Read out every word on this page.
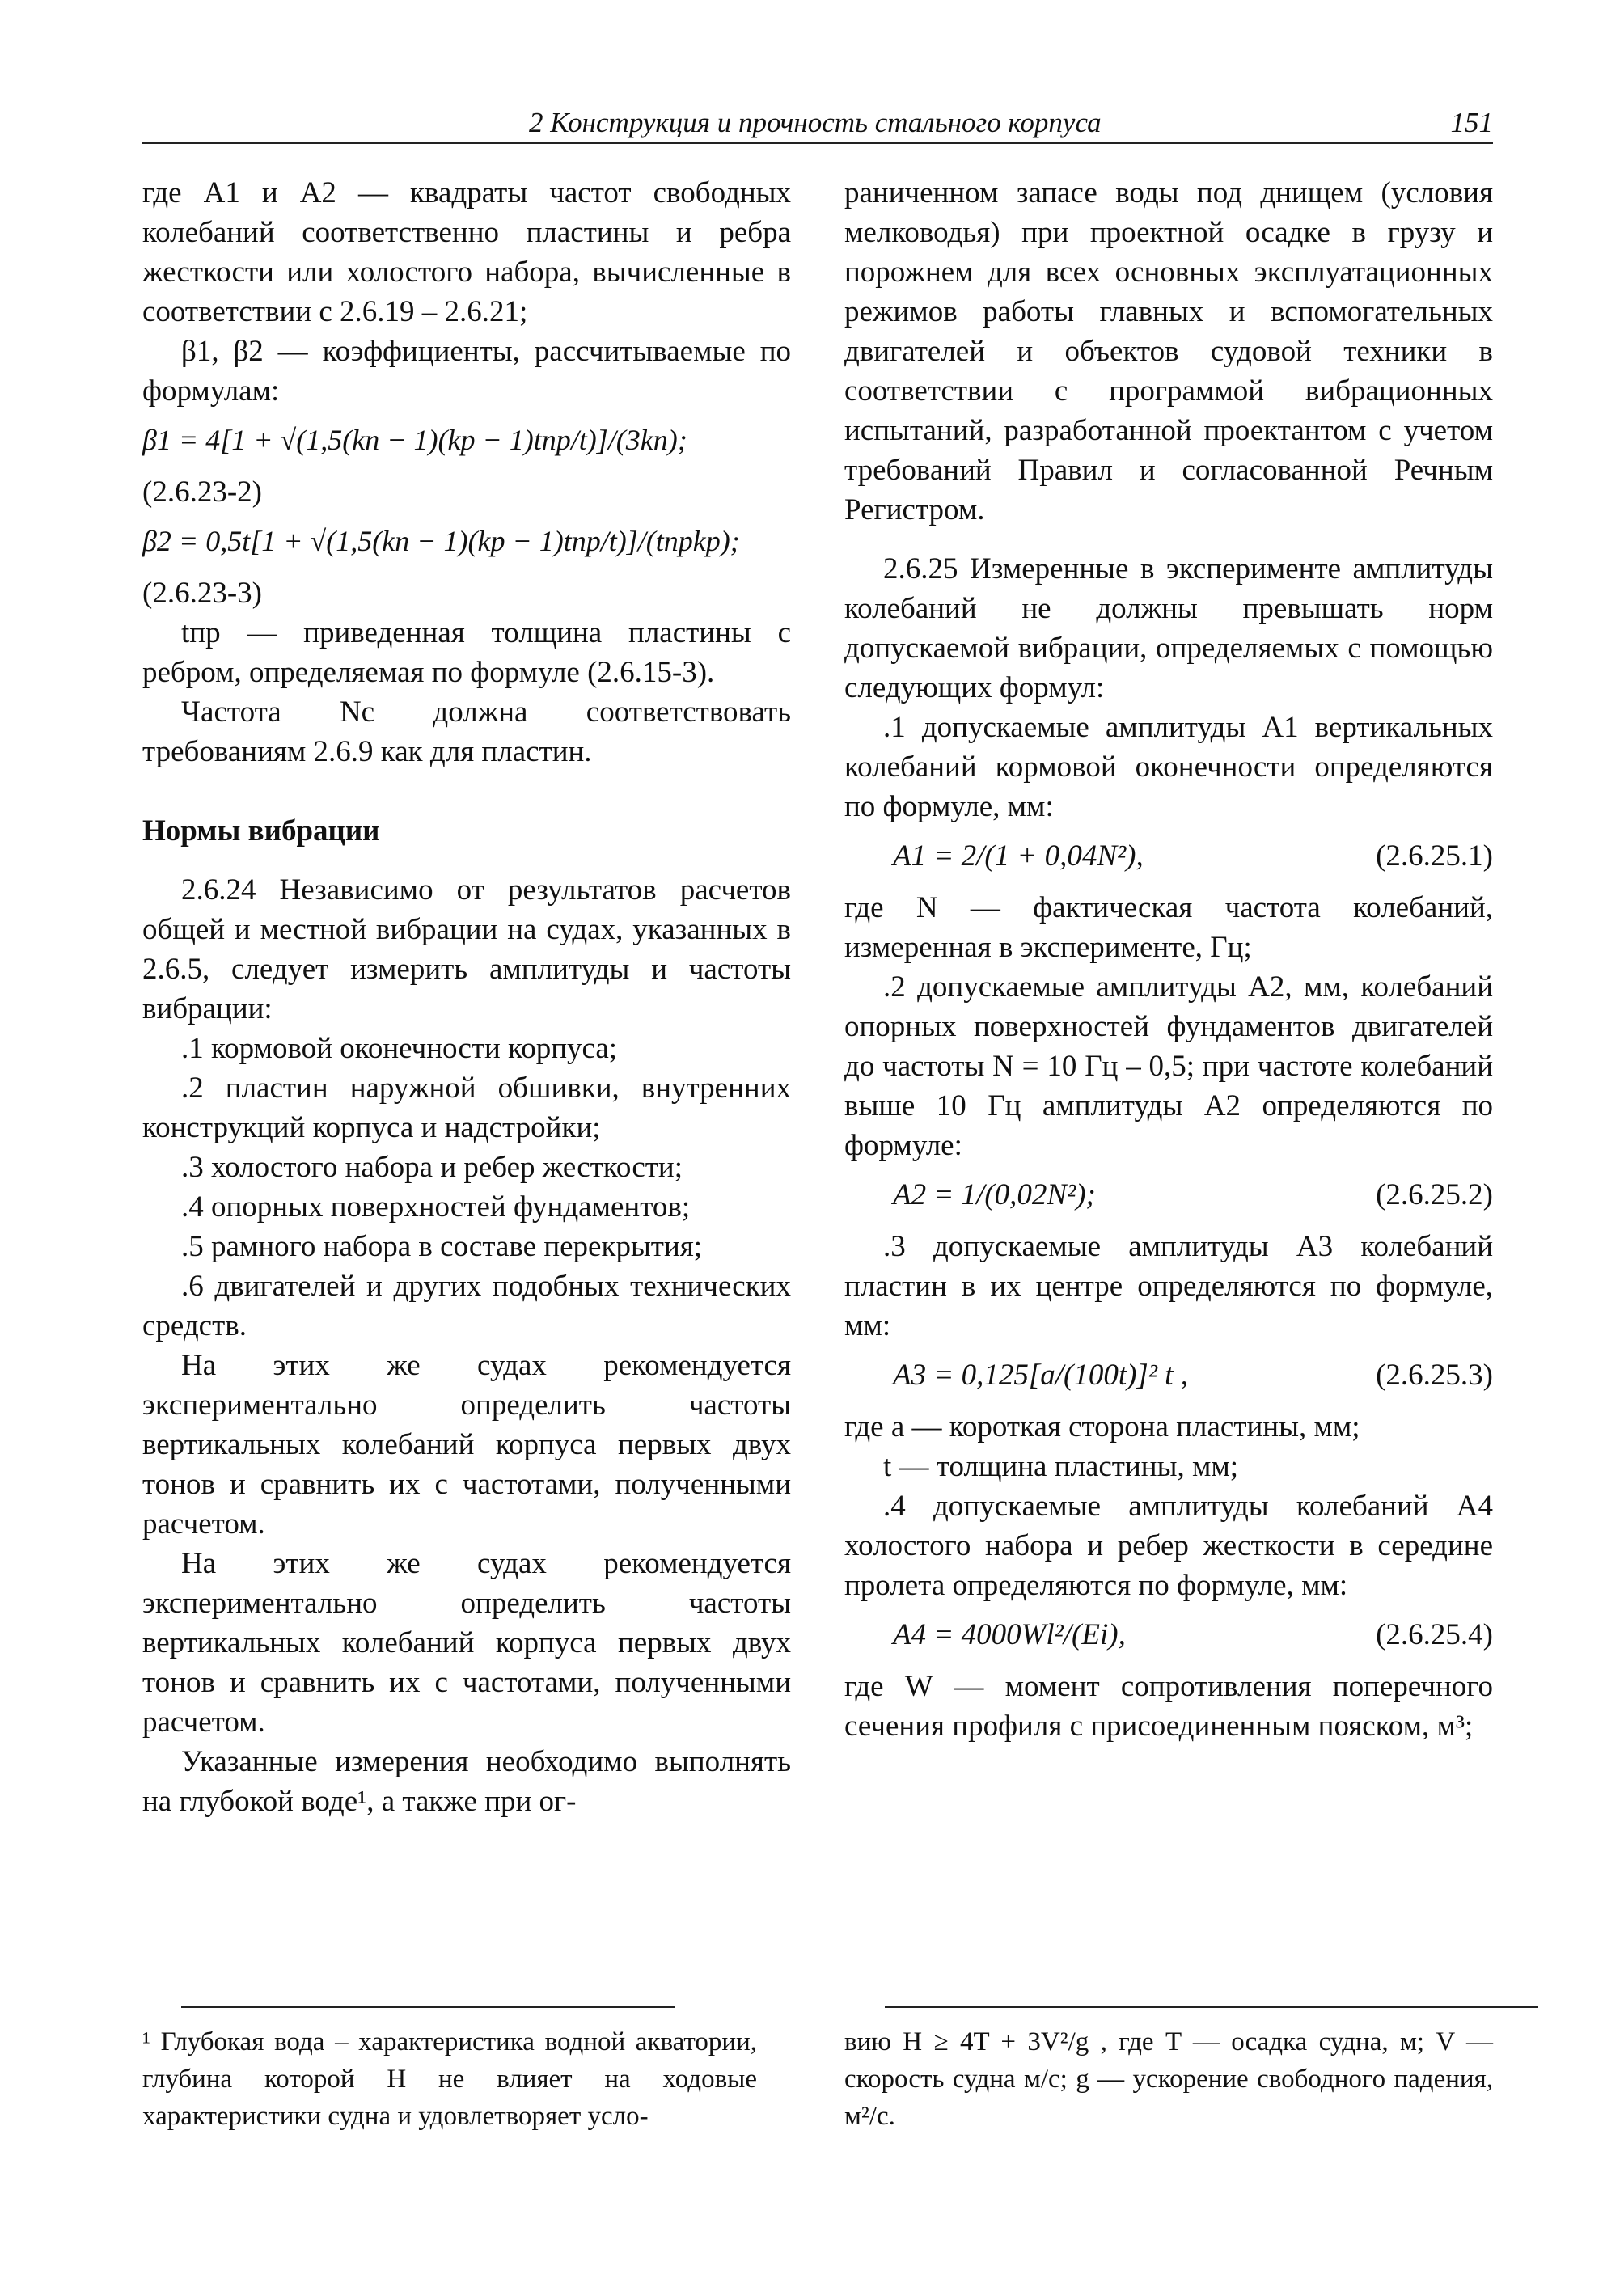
2 Конструкция и прочность стального корпуса	151

где A1 и A2 — квадраты частот свободных колебаний соответственно пластины и ребра жесткости или холостого набора, вычисленные в соответствии с 2.6.19 – 2.6.21;

β1, β2 — коэффициенты, рассчитываемые по формулам:

β1 = 4[1 + √(1,5(kп − 1)(kр − 1)tпр/t)]/(3kп);

(2.6.23-2)

β2 = 0,5t[1 + √(1,5(kп − 1)(kр − 1)tпр/t)]/(tпрkр);

(2.6.23-3)

tпр — приведенная толщина пластины с ребром, определяемая по формуле (2.6.15-3).

Частота Nс должна соответствовать требованиям 2.6.9 как для пластин.

Нормы вибрации

2.6.24 Независимо от результатов расчетов общей и местной вибрации на судах, указанных в 2.6.5, следует измерить амплитуды и частоты вибрации:

.1 кормовой оконечности корпуса;

.2 пластин наружной обшивки, внутренних конструкций корпуса и надстройки;

.3 холостого набора и ребер жесткости;

.4 опорных поверхностей фундаментов;

.5 рамного набора в составе перекрытия;

.6 двигателей и других подобных технических средств.

На этих же судах рекомендуется экспериментально определить частоты вертикальных колебаний корпуса первых двух тонов и сравнить их с частотами, полученными расчетом.

На этих же судах рекомендуется экспериментально определить частоты вертикальных колебаний корпуса первых двух тонов и сравнить их с частотами, полученными расчетом.

Указанные измерения необходимо выполнять на глубокой воде¹, а также при ог-

раниченном запасе воды под днищем (условия мелководья) при проектной осадке в грузу и порожнем для всех основных эксплуатационных режимов работы главных и вспомогательных двигателей и объектов судовой техники в соответствии с программой вибрационных испытаний, разработанной проектантом с учетом требований Правил и согласованной Речным Регистром.

2.6.25 Измеренные в эксперименте амплитуды колебаний не должны превышать норм допускаемой вибрации, определяемых с помощью следующих формул:

.1 допускаемые амплитуды A1 вертикальных колебаний кормовой оконечности определяются по формуле, мм:

A1 = 2/(1 + 0,04N²),	(2.6.25.1)

где N — фактическая частота колебаний, измеренная в эксперименте, Гц;

.2 допускаемые амплитуды A2, мм, колебаний опорных поверхностей фундаментов двигателей до частоты N = 10 Гц – 0,5; при частоте колебаний выше 10 Гц амплитуды A2 определяются по формуле:

A2 = 1/(0,02N²);	(2.6.25.2)

.3 допускаемые амплитуды A3 колебаний пластин в их центре определяются по формуле, мм:

A3 = 0,125[a/(100t)]² t ,	(2.6.25.3)

где a — короткая сторона пластины, мм;

t — толщина пластины, мм;

.4 допускаемые амплитуды колебаний A4 холостого набора и ребер жесткости в середине пролета определяются по формуле, мм:

A4 = 4000Wl²/(Ei),	(2.6.25.4)

где W — момент сопротивления поперечного сечения профиля с присоединенным пояском, м³;

¹ Глубокая вода – характеристика водной акватории, глубина которой H не влияет на ходовые характеристики судна и удовлетворяет усло-

вию H ≥ 4T + 3V²/g , где T — осадка судна, м; V — скорость судна м/с; g — ускорение свободного падения, м²/с.
